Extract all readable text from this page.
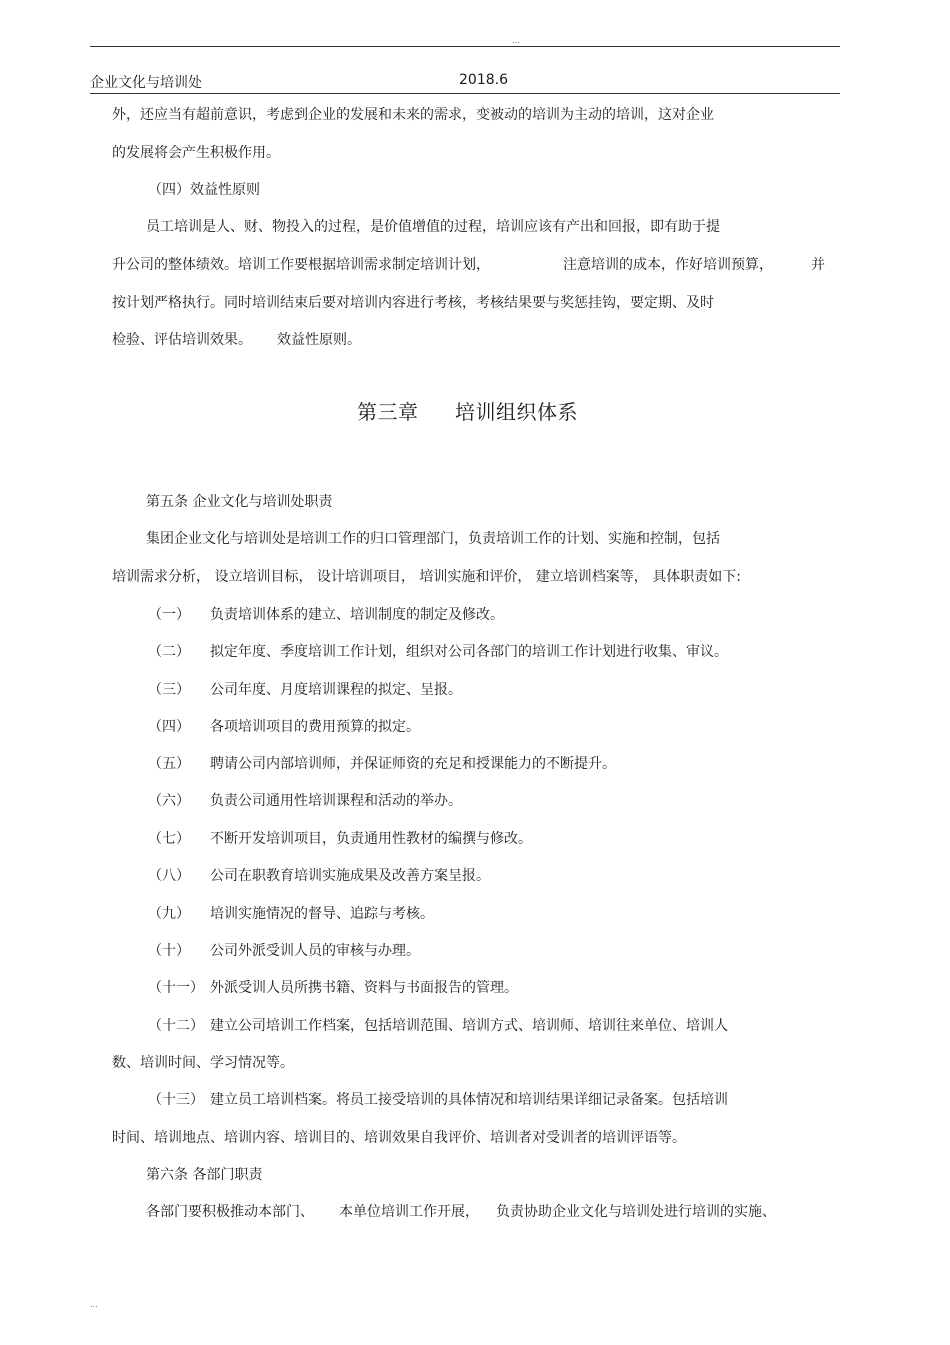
...
企业文化与培训处	2018.6
外，还应当有超前意识，考虑到企业的发展和未来的需求，变被动的培训为主动的培训，这对企业
的发展将会产生积极作用。
（四）效益性原则
员工培训是人、财、物投入的过程，是价值增值的过程，培训应该有产出和回报，即有助于提
升公司的整体绩效。培训工作要根据培训需求制定培训计划，	注意培训的成本，作好培训预算，	并
按计划严格执行。同时培训结束后要对培训内容进行考核，考核结果要与奖惩挂钩，要定期、及时
检验、评估培训效果。 效益性原则。
第三章 培训组织体系
第五条 企业文化与培训处职责
集团企业文化与培训处是培训工作的归口管理部门，负责培训工作的计划、实施和控制，包括
培训需求分析， 设立培训目标， 设计培训项目， 培训实施和评价， 建立培训档案等， 具体职责如下:
（一） 负责培训体系的建立、培训制度的制定及修改。
（二） 拟定年度、季度培训工作计划，组织对公司各部门的培训工作计划进行收集、审议。
（三） 公司年度、月度培训课程的拟定、呈报。
（四） 各项培训项目的费用预算的拟定。
（五） 聘请公司内部培训师，并保证师资的充足和授课能力的不断提升。
（六） 负责公司通用性培训课程和活动的举办。
（七） 不断开发培训项目，负责通用性教材的编撰与修改。
（八） 公司在职教育培训实施成果及改善方案呈报。
（九） 培训实施情况的督导、追踪与考核。
（十） 公司外派受训人员的审核与办理。
（十一） 外派受训人员所携书籍、资料与书面报告的管理。
（十二） 建立公司培训工作档案，包括培训范围、培训方式、培训师、培训往来单位、培训人
数、培训时间、学习情况等。
（十三） 建立员工培训档案。将员工接受培训的具体情况和培训结果详细记录备案。包括培训
时间、培训地点、培训内容、培训目的、培训效果自我评价、培训者对受训者的培训评语等。
第六条 各部门职责
各部门要积极推动本部门、 本单位培训工作开展， 负责协助企业文化与培训处进行培训的实施、
...
